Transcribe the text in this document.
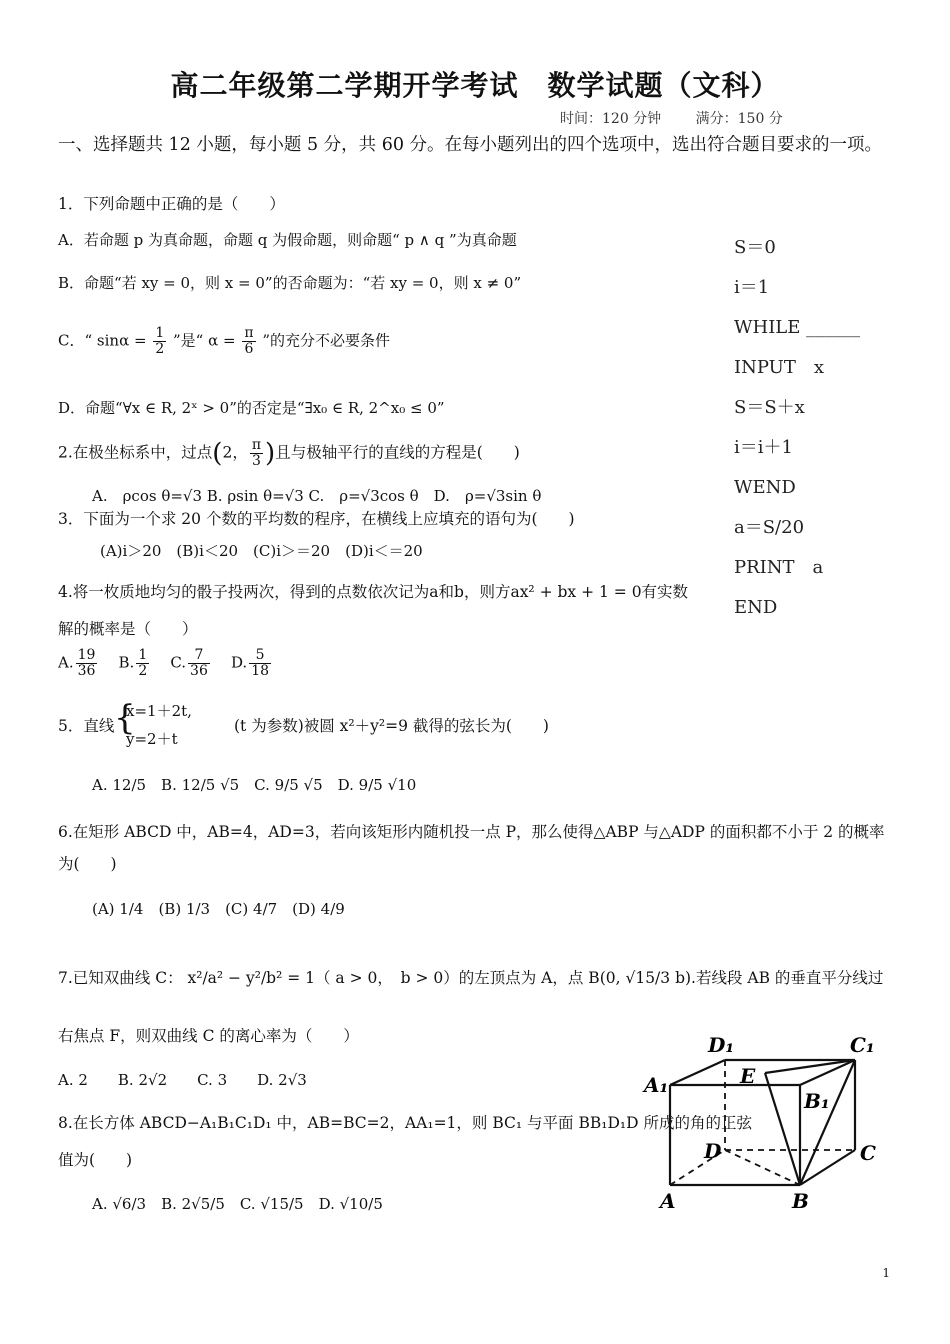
高二年级第二学期开学考试　数学试题（文科）
时间：120 分钟 满分：150 分
一、选择题共 12 小题，每小题 5 分，共 60 分。在每小题列出的四个选项中，选出符合题目要求的一项。
1．下列命题中正确的是（　　）
A．若命题 p 为真命题，命题 q 为假命题，则命题“ p ∧ q ”为真命题
B．命题“若 xy = 0，则 x = 0”的否命题为：“若 xy = 0，则 x ≠ 0”
C．“ $\sin\alpha = \frac{1}{2}$ ”是“ $\alpha = \frac{\pi}{6}$ ”的充分不必要条件
D．命题“∀x ∈ R, 2ˣ > 0”的否定是“∃x₀ ∈ R, 2^x₀ ≤ 0”
2.在极坐标系中，过点(2， $\frac{\pi}{3}$ )且与极轴平行的直线的方程是(　　)
A.　ρcos θ=√3 B. ρsin θ=√3 C.　ρ=√3cos θ　D.　ρ=√3sin θ
3．下面为一个求 20 个数的平均数的程序，在横线上应填充的语句为(　　)
(A)i＞20　(B)i＜20　(C)i＞＝20　(D)i＜＝20
S＝0
i＝1
WHILE ______
INPUT　x
S＝S＋x
i＝i＋1
WEND
a＝S/20
PRINT　a
END
4.将一枚质地均匀的骰子投两次，得到的点数依次记为a和b，则方ax² + bx + 1 = 0有实数
解的概率是（　　）
A. $\frac{19}{36} B$. $\frac{1}{2} C$. $\frac{7}{36} D$. $\frac{5}{18}$
5．直线 {
x=1＋2t,
y=2＋t
(t 为参数)被圆 x²＋y²=9 截得的弦长为(　　)
A. 12/5　B. 12/5 √5　C. 9/5 √5　D. 9/5 √10
6.在矩形 ABCD 中，AB=4，AD=3，若向该矩形内随机投一点 P，那么使得△ABP 与△ADP 的面积都不小于 2 的概率
为(　　)
(A) 1/4　(B) 1/3　(C) 4/7　(D) 4/9
7.已知双曲线 C： x²/a² − y²/b² = 1（ a > 0，　b > 0）的左顶点为 A，点 B(0, √15/3 b).若线段 AB 的垂直平分线过
右焦点 F，则双曲线 C 的离心率为（　　）
A. 2　　B. 2√2　　C. 3　　D. 2√3
8.在长方体 ABCD−A₁B₁C₁D₁ 中，AB=BC=2，AA₁=1，则 BC₁ 与平面 BB₁D₁D 所成的角的正弦
值为(　　)
A. √6/3　B. 2√5/5　C. √15/5　D. √10/5
D₁	C₁
A₁	E
B₁
D	C
A	B
1
